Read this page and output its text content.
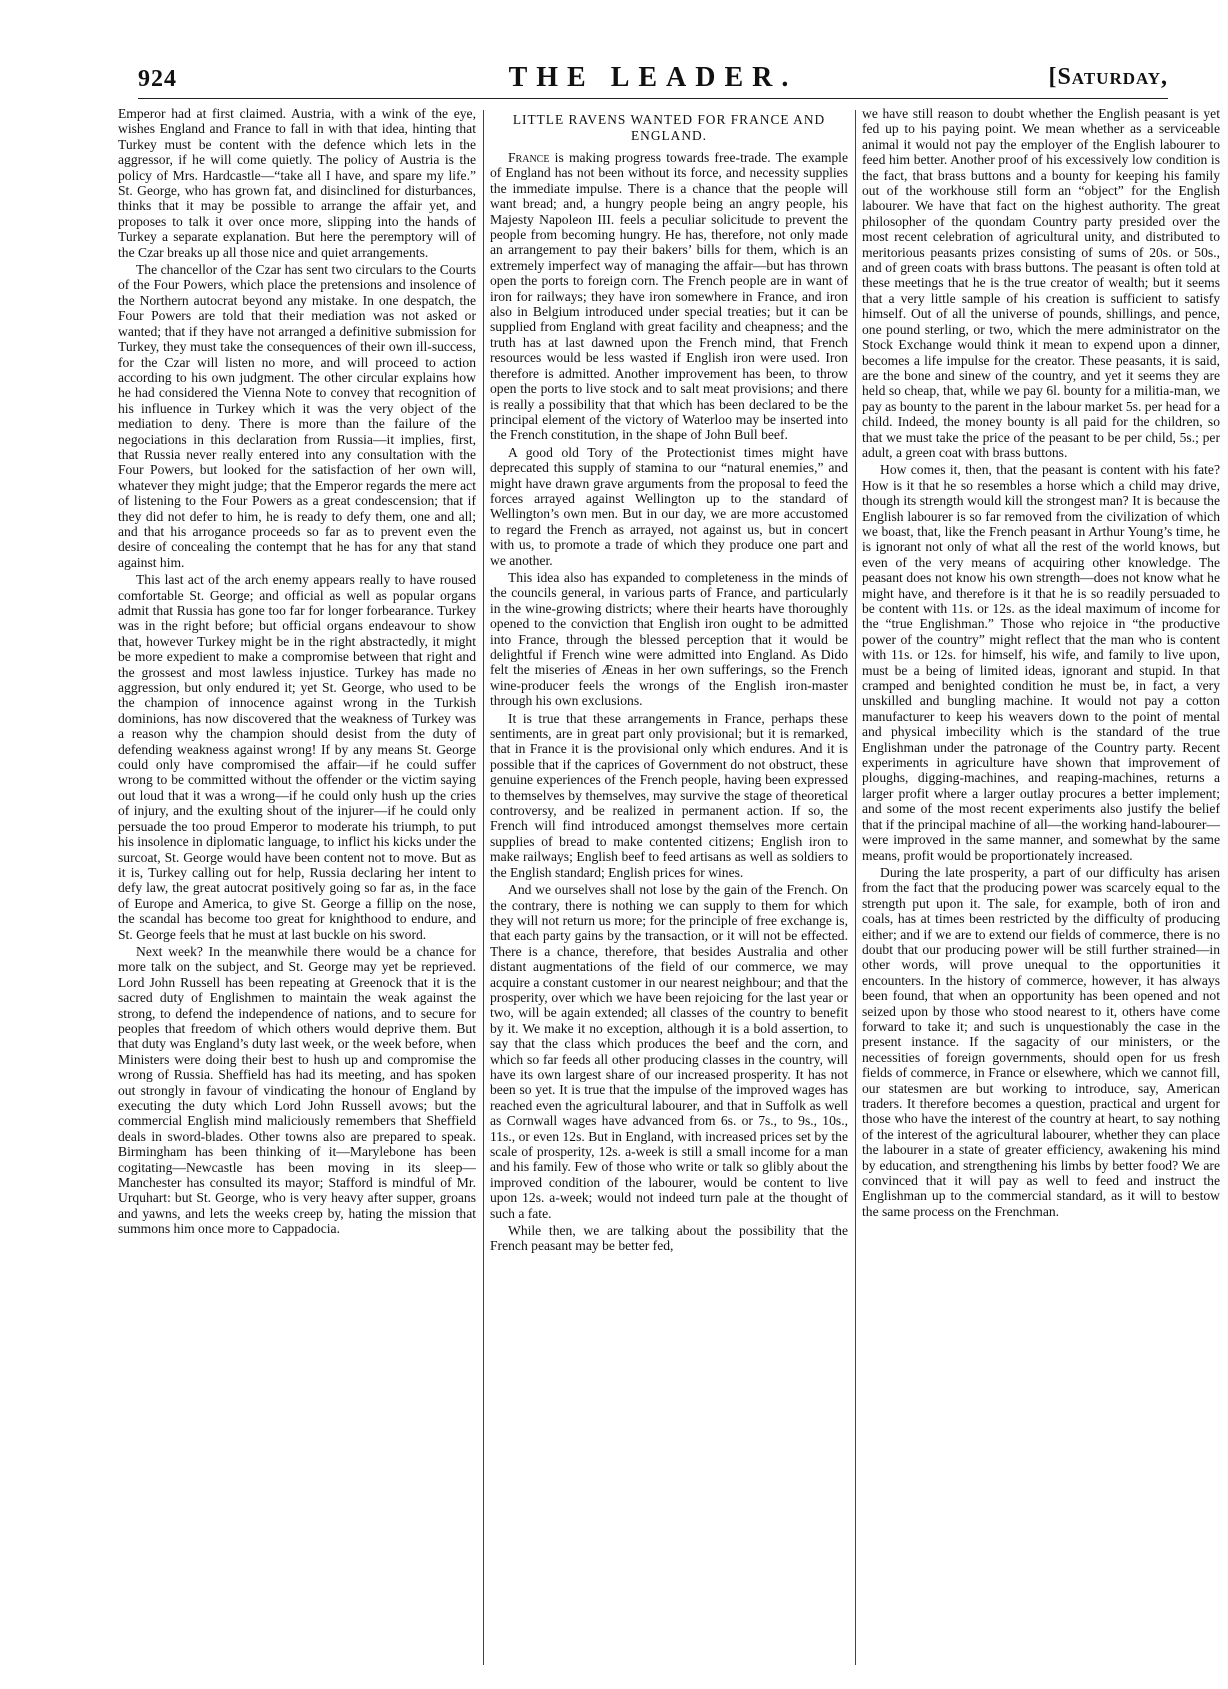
924	THE LEADER.	[Saturday,

Emperor had at first claimed. Austria, with a wink of the eye, wishes England and France to fall in with that idea, hinting that Turkey must be content with the defence which lets in the aggressor, if he will come quietly. The policy of Austria is the policy of Mrs. Hardcastle—“take all I have, and spare my life.” St. George, who has grown fat, and disinclined for disturbances, thinks that it may be possible to arrange the affair yet, and proposes to talk it over once more, slipping into the hands of Turkey a separate explanation. But here the peremptory will of the Czar breaks up all those nice and quiet arrangements.

The chancellor of the Czar has sent two circulars to the Courts of the Four Powers, which place the pretensions and insolence of the Northern autocrat beyond any mistake. In one despatch, the Four Powers are told that their mediation was not asked or wanted; that if they have not arranged a definitive submission for Turkey, they must take the consequences of their own ill-success, for the Czar will listen no more, and will proceed to action according to his own judgment. The other circular explains how he had considered the Vienna Note to convey that recognition of his influence in Turkey which it was the very object of the mediation to deny. There is more than the failure of the negociations in this declaration from Russia—it implies, first, that Russia never really entered into any consultation with the Four Powers, but looked for the satisfaction of her own will, whatever they might judge; that the Emperor regards the mere act of listening to the Four Powers as a great condescension; that if they did not defer to him, he is ready to defy them, one and all; and that his arrogance proceeds so far as to prevent even the desire of concealing the contempt that he has for any that stand against him.

This last act of the arch enemy appears really to have roused comfortable St. George; and official as well as popular organs admit that Russia has gone too far for longer forbearance. Turkey was in the right before; but official organs endeavour to show that, however Turkey might be in the right abstractedly, it might be more expedient to make a compromise between that right and the grossest and most lawless injustice. Turkey has made no aggression, but only endured it; yet St. George, who used to be the champion of innocence against wrong in the Turkish dominions, has now discovered that the weakness of Turkey was a reason why the champion should desist from the duty of defending weakness against wrong! If by any means St. George could only have compromised the affair—if he could suffer wrong to be committed without the offender or the victim saying out loud that it was a wrong—if he could only hush up the cries of injury, and the exulting shout of the injurer—if he could only persuade the too proud Emperor to moderate his triumph, to put his insolence in diplomatic language, to inflict his kicks under the surcoat, St. George would have been content not to move. But as it is, Turkey calling out for help, Russia declaring her intent to defy law, the great autocrat positively going so far as, in the face of Europe and America, to give St. George a fillip on the nose, the scandal has become too great for knighthood to endure, and St. George feels that he must at last buckle on his sword.

Next week? In the meanwhile there would be a chance for more talk on the subject, and St. George may yet be reprieved. Lord John Russell has been repeating at Greenock that it is the sacred duty of Englishmen to maintain the weak against the strong, to defend the independence of nations, and to secure for peoples that freedom of which others would deprive them. But that duty was England’s duty last week, or the week before, when Ministers were doing their best to hush up and compromise the wrong of Russia. Sheffield has had its meeting, and has spoken out strongly in favour of vindicating the honour of England by executing the duty which Lord John Russell avows; but the commercial English mind maliciously remembers that Sheffield deals in sword-blades. Other towns also are prepared to speak. Birmingham has been thinking of it—Marylebone has been cogitating—Newcastle has been moving in its sleep—Manchester has consulted its mayor; Stafford is mindful of Mr. Urquhart: but St. George, who is very heavy after supper, groans and yawns, and lets the weeks creep by, hating the mission that summons him once more to Cappadocia.

LITTLE RAVENS WANTED FOR FRANCE AND ENGLAND.

France is making progress towards free-trade. The example of England has not been without its force, and necessity supplies the immediate impulse. There is a chance that the people will want bread; and, a hungry people being an angry people, his Majesty Napoleon III. feels a peculiar solicitude to prevent the people from becoming hungry. He has, therefore, not only made an arrangement to pay their bakers’ bills for them, which is an extremely imperfect way of managing the affair—but has thrown open the ports to foreign corn. The French people are in want of iron for railways; they have iron somewhere in France, and iron also in Belgium introduced under special treaties; but it can be supplied from England with great facility and cheapness; and the truth has at last dawned upon the French mind, that French resources would be less wasted if English iron were used. Iron therefore is admitted. Another improvement has been, to throw open the ports to live stock and to salt meat provisions; and there is really a possibility that that which has been declared to be the principal element of the victory of Waterloo may be inserted into the French constitution, in the shape of John Bull beef.

A good old Tory of the Protectionist times might have deprecated this supply of stamina to our “natural enemies,” and might have drawn grave arguments from the proposal to feed the forces arrayed against Wellington up to the standard of Wellington’s own men. But in our day, we are more accustomed to regard the French as arrayed, not against us, but in concert with us, to promote a trade of which they produce one part and we another.

This idea also has expanded to completeness in the minds of the councils general, in various parts of France, and particularly in the wine-growing districts; where their hearts have thoroughly opened to the conviction that English iron ought to be admitted into France, through the blessed perception that it would be delightful if French wine were admitted into England. As Dido felt the miseries of Æneas in her own sufferings, so the French wine-producer feels the wrongs of the English iron-master through his own exclusions.

It is true that these arrangements in France, perhaps these sentiments, are in great part only provisional; but it is remarked, that in France it is the provisional only which endures. And it is possible that if the caprices of Government do not obstruct, these genuine experiences of the French people, having been expressed to themselves by themselves, may survive the stage of theoretical controversy, and be realized in permanent action. If so, the French will find introduced amongst themselves more certain supplies of bread to make contented citizens; English iron to make railways; English beef to feed artisans as well as soldiers to the English standard; English prices for wines.

And we ourselves shall not lose by the gain of the French. On the contrary, there is nothing we can supply to them for which they will not return us more; for the principle of free exchange is, that each party gains by the transaction, or it will not be effected. There is a chance, therefore, that besides Australia and other distant augmentations of the field of our commerce, we may acquire a constant customer in our nearest neighbour; and that the prosperity, over which we have been rejoicing for the last year or two, will be again extended; all classes of the country to benefit by it. We make it no exception, although it is a bold assertion, to say that the class which produces the beef and the corn, and which so far feeds all other producing classes in the country, will have its own largest share of our increased prosperity. It has not been so yet. It is true that the impulse of the improved wages has reached even the agricultural labourer, and that in Suffolk as well as Cornwall wages have advanced from 6s. or 7s., to 9s., 10s., 11s., or even 12s. But in England, with increased prices set by the scale of prosperity, 12s. a-week is still a small income for a man and his family. Few of those who write or talk so glibly about the improved condition of the labourer, would be content to live upon 12s. a-week; would not indeed turn pale at the thought of such a fate.

While then, we are talking about the possibility that the French peasant may be better fed,

we have still reason to doubt whether the English peasant is yet fed up to his paying point. We mean whether as a serviceable animal it would not pay the employer of the English labourer to feed him better. Another proof of his excessively low condition is the fact, that brass buttons and a bounty for keeping his family out of the workhouse still form an “object” for the English labourer. We have that fact on the highest authority. The great philosopher of the quondam Country party presided over the most recent celebration of agricultural unity, and distributed to meritorious peasants prizes consisting of sums of 20s. or 50s., and of green coats with brass buttons. The peasant is often told at these meetings that he is the true creator of wealth; but it seems that a very little sample of his creation is sufficient to satisfy himself. Out of all the universe of pounds, shillings, and pence, one pound sterling, or two, which the mere administrator on the Stock Exchange would think it mean to expend upon a dinner, becomes a life impulse for the creator. These peasants, it is said, are the bone and sinew of the country, and yet it seems they are held so cheap, that, while we pay 6l. bounty for a militia-man, we pay as bounty to the parent in the labour market 5s. per head for a child. Indeed, the money bounty is all paid for the children, so that we must take the price of the peasant to be per child, 5s.; per adult, a green coat with brass buttons.

How comes it, then, that the peasant is content with his fate? How is it that he so resembles a horse which a child may drive, though its strength would kill the strongest man? It is because the English labourer is so far removed from the civilization of which we boast, that, like the French peasant in Arthur Young’s time, he is ignorant not only of what all the rest of the world knows, but even of the very means of acquiring other knowledge. The peasant does not know his own strength—does not know what he might have, and therefore is it that he is so readily persuaded to be content with 11s. or 12s. as the ideal maximum of income for the “true Englishman.” Those who rejoice in “the productive power of the country” might reflect that the man who is content with 11s. or 12s. for himself, his wife, and family to live upon, must be a being of limited ideas, ignorant and stupid. In that cramped and benighted condition he must be, in fact, a very unskilled and bungling machine. It would not pay a cotton manufacturer to keep his weavers down to the point of mental and physical imbecility which is the standard of the true Englishman under the patronage of the Country party. Recent experiments in agriculture have shown that improvement of ploughs, digging-machines, and reaping-machines, returns a larger profit where a larger outlay procures a better implement; and some of the most recent experiments also justify the belief that if the principal machine of all—the working hand-labourer—were improved in the same manner, and somewhat by the same means, profit would be proportionately increased.

During the late prosperity, a part of our difficulty has arisen from the fact that the producing power was scarcely equal to the strength put upon it. The sale, for example, both of iron and coals, has at times been restricted by the difficulty of producing either; and if we are to extend our fields of commerce, there is no doubt that our producing power will be still further strained—in other words, will prove unequal to the opportunities it encounters. In the history of commerce, however, it has always been found, that when an opportunity has been opened and not seized upon by those who stood nearest to it, others have come forward to take it; and such is unquestionably the case in the present instance. If the sagacity of our ministers, or the necessities of foreign governments, should open for us fresh fields of commerce, in France or elsewhere, which we cannot fill, our statesmen are but working to introduce, say, American traders. It therefore becomes a question, practical and urgent for those who have the interest of the country at heart, to say nothing of the interest of the agricultural labourer, whether they can place the labourer in a state of greater efficiency, awakening his mind by education, and strengthening his limbs by better food? We are convinced that it will pay as well to feed and instruct the Englishman up to the commercial standard, as it will to bestow the same process on the Frenchman.
